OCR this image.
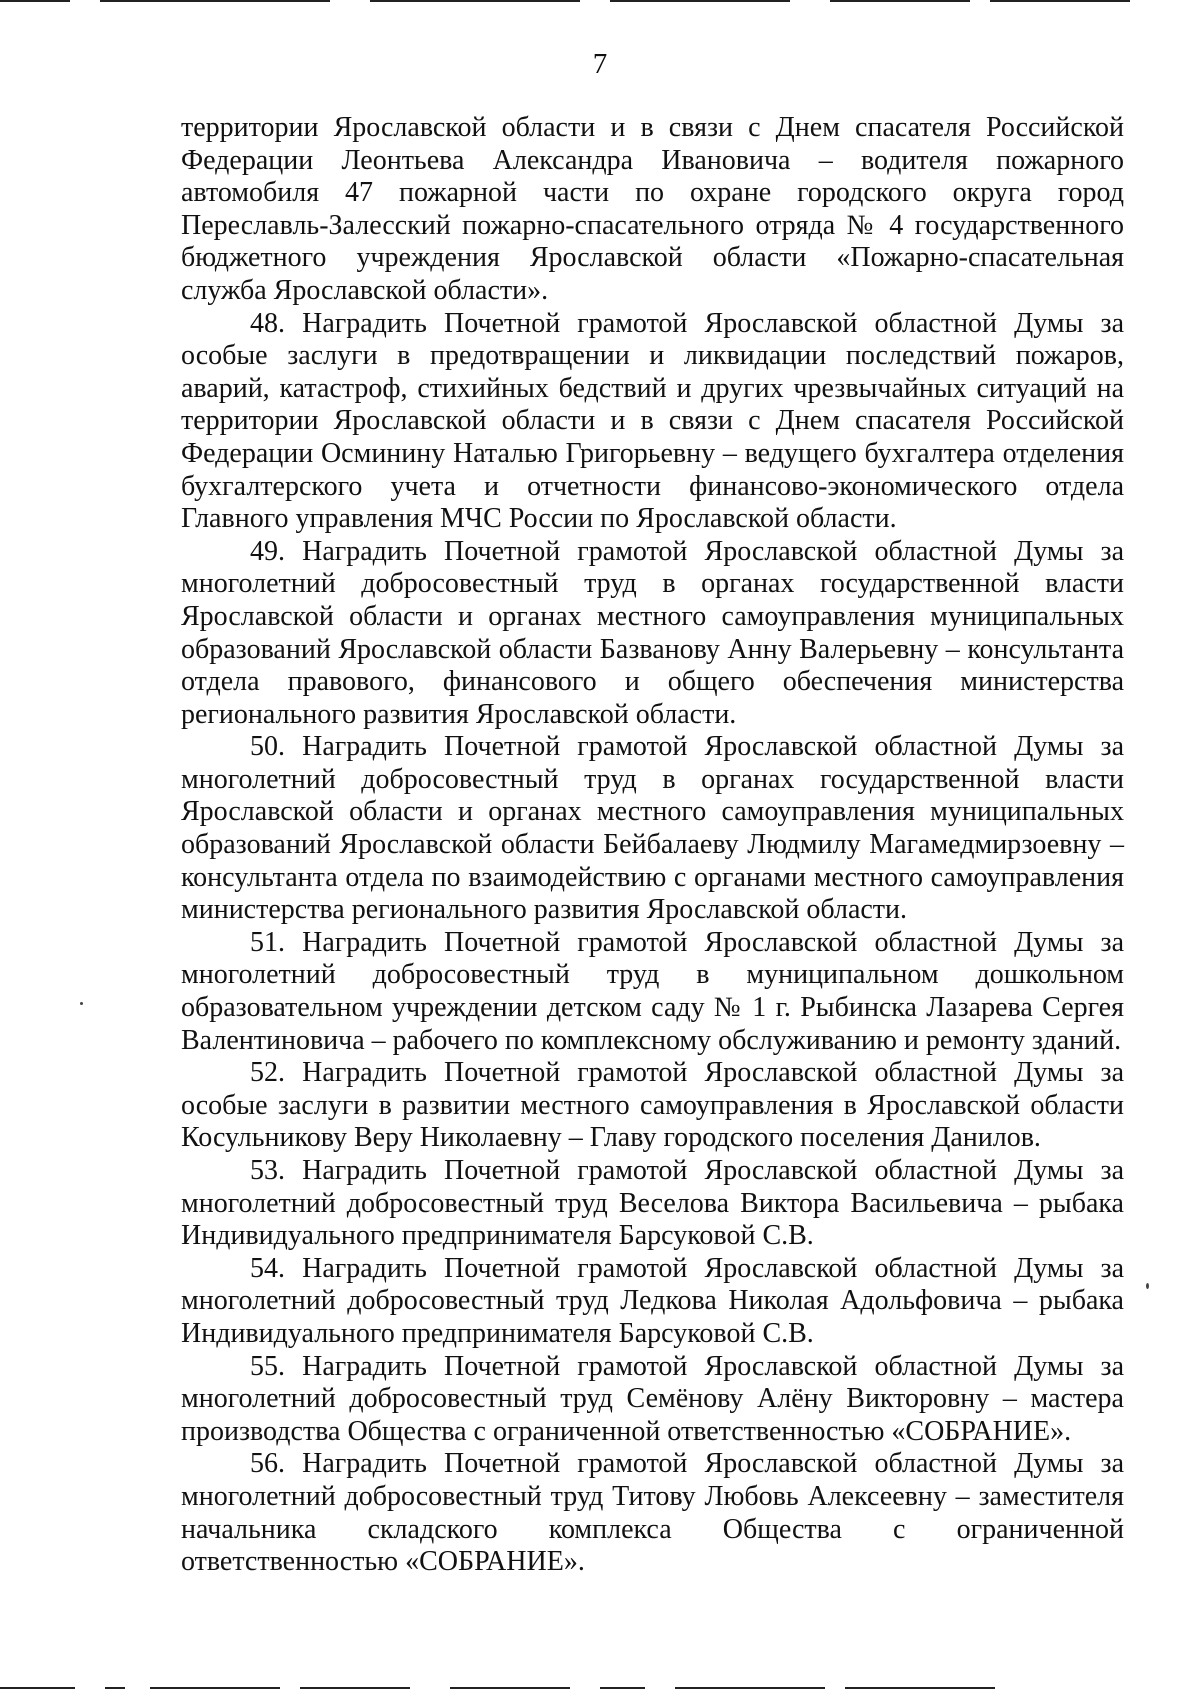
7

территории Ярославской области и в связи с Днем спасателя Российской Федерации Леонтьева Александра Ивановича – водителя пожарного автомобиля 47 пожарной части по охране городского округа город Переславль-Залесский пожарно-спасательного отряда № 4 государственного бюджетного учреждения Ярославской области «Пожарно-спасательная служба Ярославской области».

48. Наградить Почетной грамотой Ярославской областной Думы за особые заслуги в предотвращении и ликвидации последствий пожаров, аварий, катастроф, стихийных бедствий и других чрезвычайных ситуаций на территории Ярославской области и в связи с Днем спасателя Российской Федерации Осминину Наталью Григорьевну – ведущего бухгалтера отделения бухгалтерского учета и отчетности финансово-экономического отдела Главного управления МЧС России по Ярославской области.

49. Наградить Почетной грамотой Ярославской областной Думы за многолетний добросовестный труд в органах государственной власти Ярославской области и органах местного самоуправления муниципальных образований Ярославской области Базванову Анну Валерьевну – консультанта отдела правового, финансового и общего обеспечения министерства регионального развития Ярославской области.

50. Наградить Почетной грамотой Ярославской областной Думы за многолетний добросовестный труд в органах государственной власти Ярославской области и органах местного самоуправления муниципальных образований Ярославской области Бейбалаеву Людмилу Магамедмирзоевну – консультанта отдела по взаимодействию с органами местного самоуправления министерства регионального развития Ярославской области.

51. Наградить Почетной грамотой Ярославской областной Думы за многолетний добросовестный труд в муниципальном дошкольном образовательном учреждении детском саду № 1 г. Рыбинска Лазарева Сергея Валентиновича – рабочего по комплексному обслуживанию и ремонту зданий.

52. Наградить Почетной грамотой Ярославской областной Думы за особые заслуги в развитии местного самоуправления в Ярославской области Косульникову Веру Николаевну – Главу городского поселения Данилов.

53. Наградить Почетной грамотой Ярославской областной Думы за многолетний добросовестный труд Веселова Виктора Васильевича – рыбака Индивидуального предпринимателя Барсуковой С.В.

54. Наградить Почетной грамотой Ярославской областной Думы за многолетний добросовестный труд Ледкова Николая Адольфовича – рыбака Индивидуального предпринимателя Барсуковой С.В.

55. Наградить Почетной грамотой Ярославской областной Думы за многолетний добросовестный труд Семёнову Алёну Викторовну – мастера производства Общества с ограниченной ответственностью «СОБРАНИЕ».

56. Наградить Почетной грамотой Ярославской областной Думы за многолетний добросовестный труд Титову Любовь Алексеевну – заместителя начальника складского комплекса Общества с ограниченной ответственностью «СОБРАНИЕ».
